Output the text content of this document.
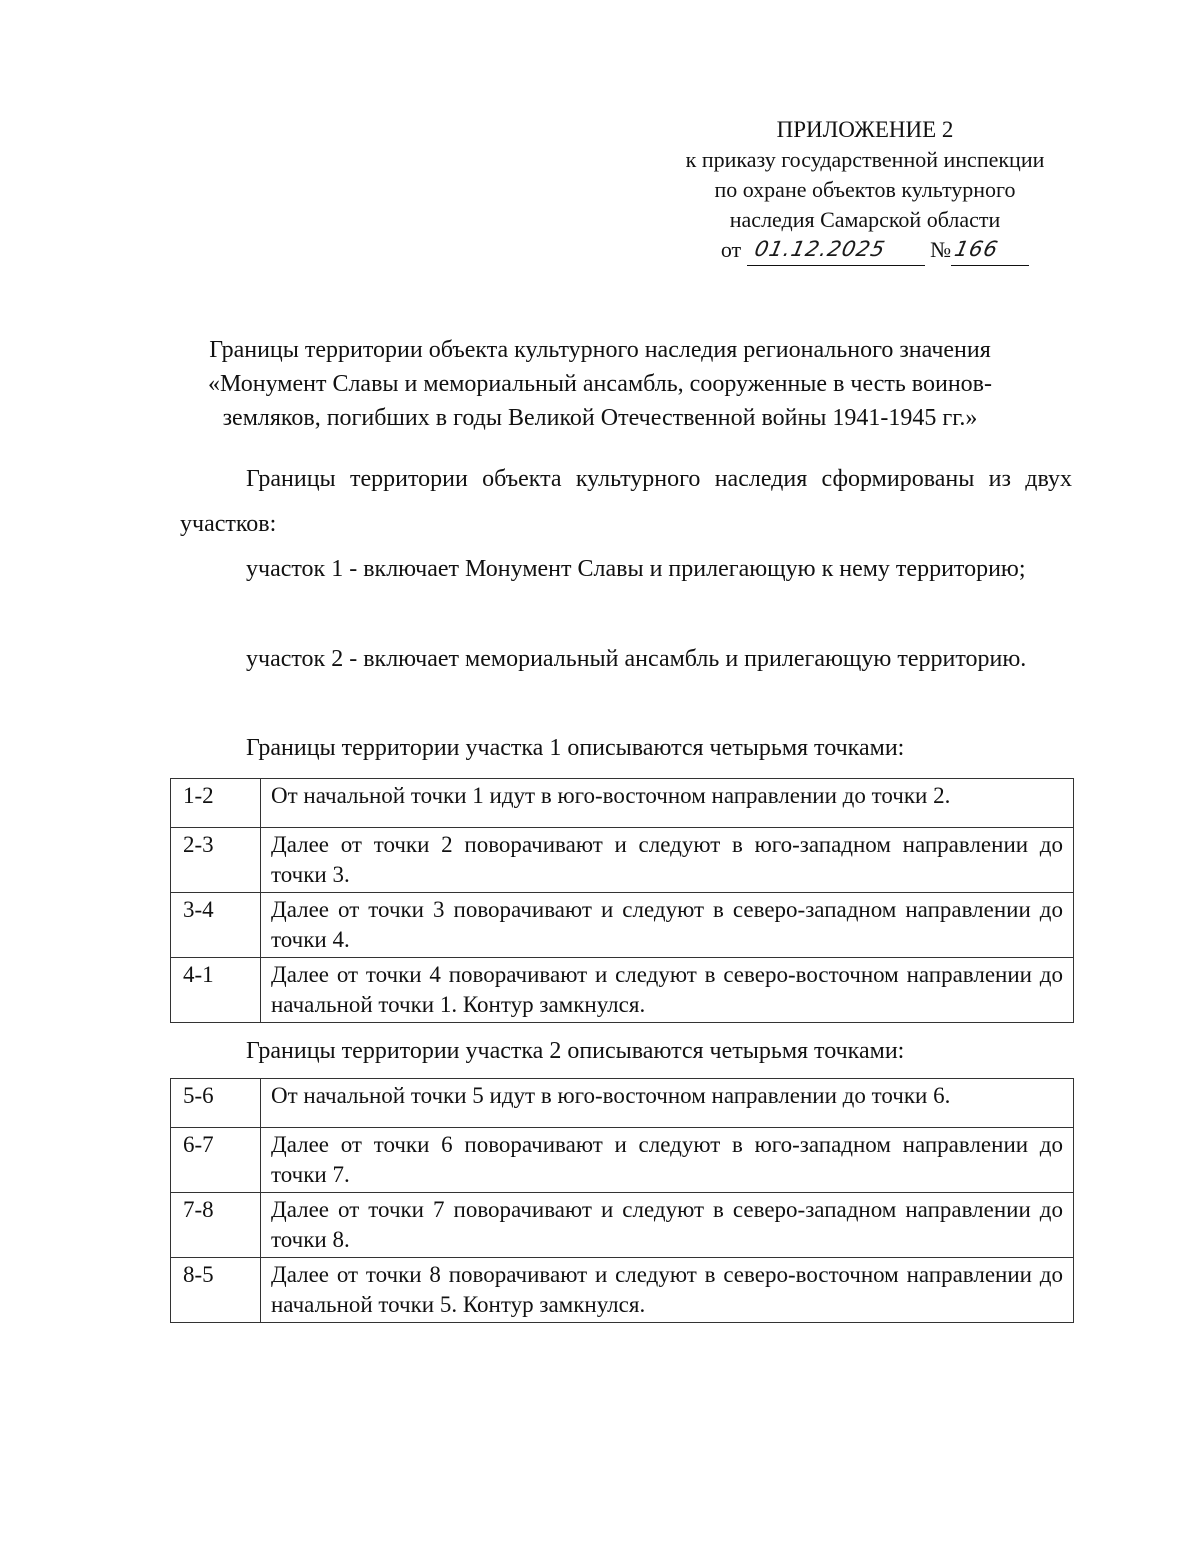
ПРИЛОЖЕНИЕ 2
к приказу государственной инспекции
по охране объектов культурного
наследия Самарской области
от 01.12.2025 № 166
Границы территории объекта культурного наследия регионального значения
«Монумент Славы и мемориальный ансамбль, сооруженные в честь воинов-
земляков, погибших в годы Великой Отечественной войны 1941-1945 гг.»
Границы территории объекта культурного наследия сформированы из двух участков:
участок 1 - включает Монумент Славы и прилегающую к нему территорию;
участок 2 - включает мемориальный ансамбль и прилегающую территорию.
Границы территории участка 1 описываются четырьмя точками:
1-2	От начальной точки 1 идут в юго-восточном направлении до точки 2.
2-3	Далее от точки 2 поворачивают и следуют в юго-западном направлении до точки 3.
3-4	Далее от точки 3 поворачивают и следуют в северо-западном направлении до точки 4.
4-1	Далее от точки 4 поворачивают и следуют в северо-восточном направлении до начальной точки 1. Контур замкнулся.
Границы территории участка 2 описываются четырьмя точками:
5-6	От начальной точки 5 идут в юго-восточном направлении до точки 6.
6-7	Далее от точки 6 поворачивают и следуют в юго-западном направлении до точки 7.
7-8	Далее от точки 7 поворачивают и следуют в северо-западном направлении до точки 8.
8-5	Далее от точки 8 поворачивают и следуют в северо-восточном направлении до начальной точки 5. Контур замкнулся.
